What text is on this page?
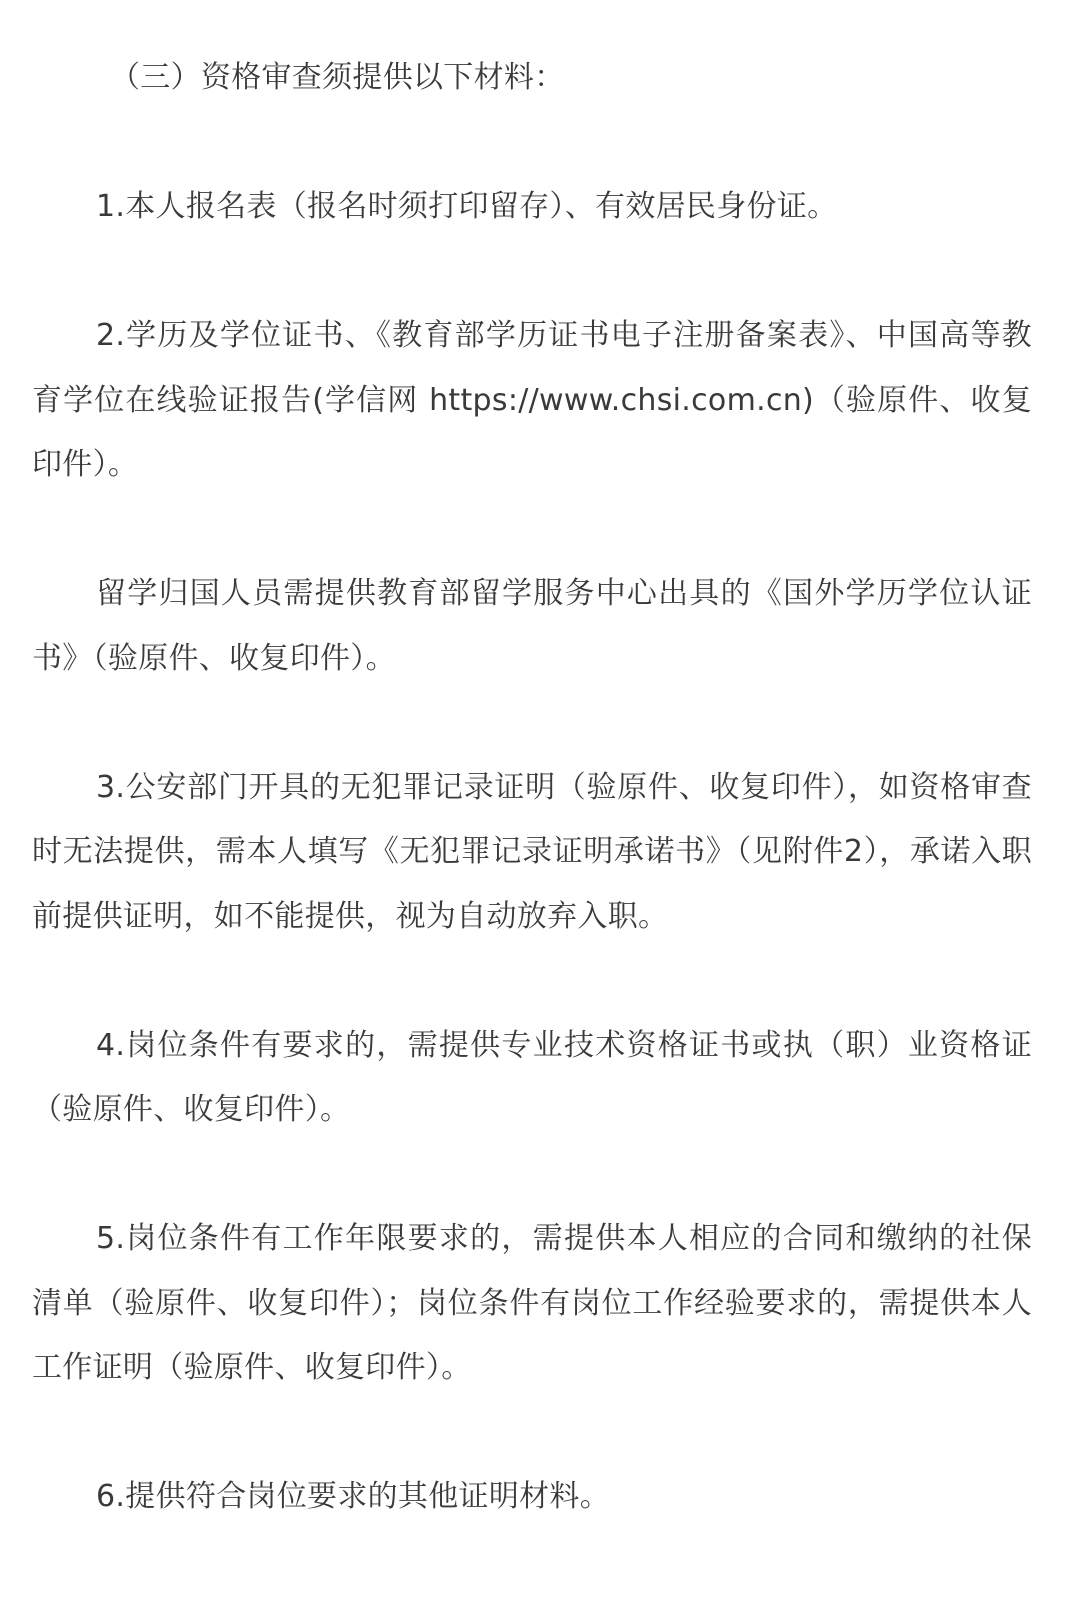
（三）资格审查须提供以下材料：

1.本人报名表（报名时须打印留存）、有效居民身份证。

2.学历及学位证书、《教育部学历证书电子注册备案表》、中国高等教育学位在线验证报告(学信网 https://www.chsi.com.cn)（验原件、收复印件）。

留学归国人员需提供教育部留学服务中心出具的《国外学历学位认证书》（验原件、收复印件）。

3.公安部门开具的无犯罪记录证明（验原件、收复印件），如资格审查时无法提供，需本人填写《无犯罪记录证明承诺书》（见附件2），承诺入职前提供证明，如不能提供，视为自动放弃入职。

4.岗位条件有要求的，需提供专业技术资格证书或执（职）业资格证（验原件、收复印件）。

5.岗位条件有工作年限要求的，需提供本人相应的合同和缴纳的社保清单（验原件、收复印件）；岗位条件有岗位工作经验要求的，需提供本人工作证明（验原件、收复印件）。

6.提供符合岗位要求的其他证明材料。
